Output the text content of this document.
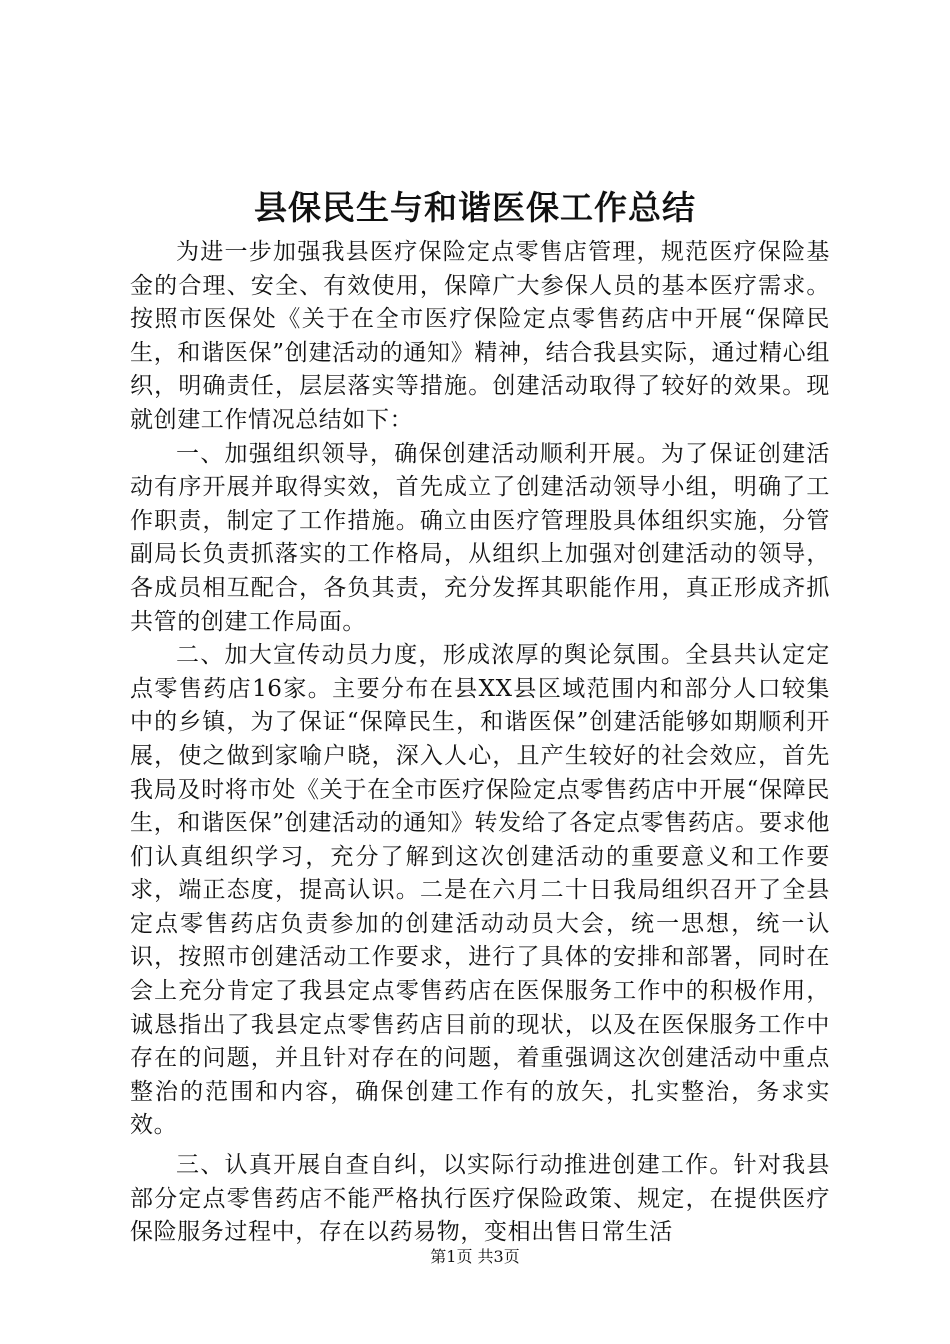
县保民生与和谐医保工作总结

为进一步加强我县医疗保险定点零售店管理，规范医疗保险基金的合理、安全、有效使用，保障广大参保人员的基本医疗需求。按照市医保处《关于在全市医疗保险定点零售药店中开展“保障民生，和谐医保”创建活动的通知》精神，结合我县实际，通过精心组织，明确责任，层层落实等措施。创建活动取得了较好的效果。现就创建工作情况总结如下：

一、加强组织领导，确保创建活动顺利开展。为了保证创建活动有序开展并取得实效，首先成立了创建活动领导小组，明确了工作职责，制定了工作措施。确立由医疗管理股具体组织实施，分管副局长负责抓落实的工作格局，从组织上加强对创建活动的领导，各成员相互配合，各负其责，充分发挥其职能作用，真正形成齐抓共管的创建工作局面。

二、加大宣传动员力度，形成浓厚的舆论氛围。全县共认定定点零售药店16家。主要分布在县XX县区域范围内和部分人口较集中的乡镇，为了保证“保障民生，和谐医保”创建活能够如期顺利开展，使之做到家喻户晓，深入人心，且产生较好的社会效应，首先我局及时将市处《关于在全市医疗保险定点零售药店中开展“保障民生，和谐医保”创建活动的通知》转发给了各定点零售药店。要求他们认真组织学习，充分了解到这次创建活动的重要意义和工作要求，端正态度，提高认识。二是在六月二十日我局组织召开了全县定点零售药店负责参加的创建活动动员大会，统一思想，统一认识，按照市创建活动工作要求，进行了具体的安排和部署，同时在会上充分肯定了我县定点零售药店在医保服务工作中的积极作用，诚恳指出了我县定点零售药店目前的现状，以及在医保服务工作中存在的问题，并且针对存在的问题，着重强调这次创建活动中重点整治的范围和内容，确保创建工作有的放矢，扎实整治，务求实效。

三、认真开展自查自纠，以实际行动推进创建工作。针对我县部分定点零售药店不能严格执行医疗保险政策、规定，在提供医疗保险服务过程中，存在以药易物，变相出售日常生活

第1页 共3页
